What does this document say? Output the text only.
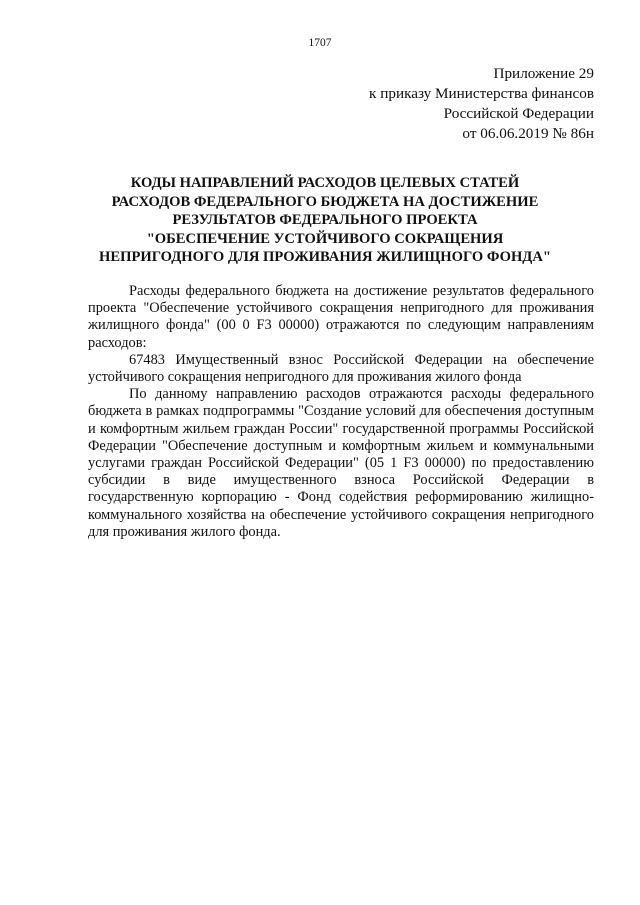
1707
Приложение 29
к приказу Министерства финансов
Российской Федерации
от 06.06.2019 № 86н
КОДЫ НАПРАВЛЕНИЙ РАСХОДОВ ЦЕЛЕВЫХ СТАТЕЙ
РАСХОДОВ ФЕДЕРАЛЬНОГО БЮДЖЕТА НА ДОСТИЖЕНИЕ
РЕЗУЛЬТАТОВ ФЕДЕРАЛЬНОГО ПРОЕКТА
"ОБЕСПЕЧЕНИЕ УСТОЙЧИВОГО СОКРАЩЕНИЯ
НЕПРИГОДНОГО ДЛЯ ПРОЖИВАНИЯ ЖИЛИЩНОГО ФОНДА"

Расходы федерального бюджета на достижение результатов федерального проекта "Обеспечение устойчивого сокращения непригодного для проживания жилищного фонда" (00 0 F3 00000) отражаются по следующим направлениям расходов:

67483 Имущественный взнос Российской Федерации на обеспечение устойчивого сокращения непригодного для проживания жилого фонда

По данному направлению расходов отражаются расходы федерального бюджета в рамках подпрограммы "Создание условий для обеспечения доступным и комфортным жильем граждан России" государственной программы Российской Федерации "Обеспечение доступным и комфортным жильем и коммунальными услугами граждан Российской Федерации" (05 1 F3 00000) по предоставлению субсидии в виде имущественного взноса Российской Федерации в государственную корпорацию - Фонд содействия реформированию жилищно-коммунального хозяйства на обеспечение устойчивого сокращения непригодного для проживания жилого фонда.
